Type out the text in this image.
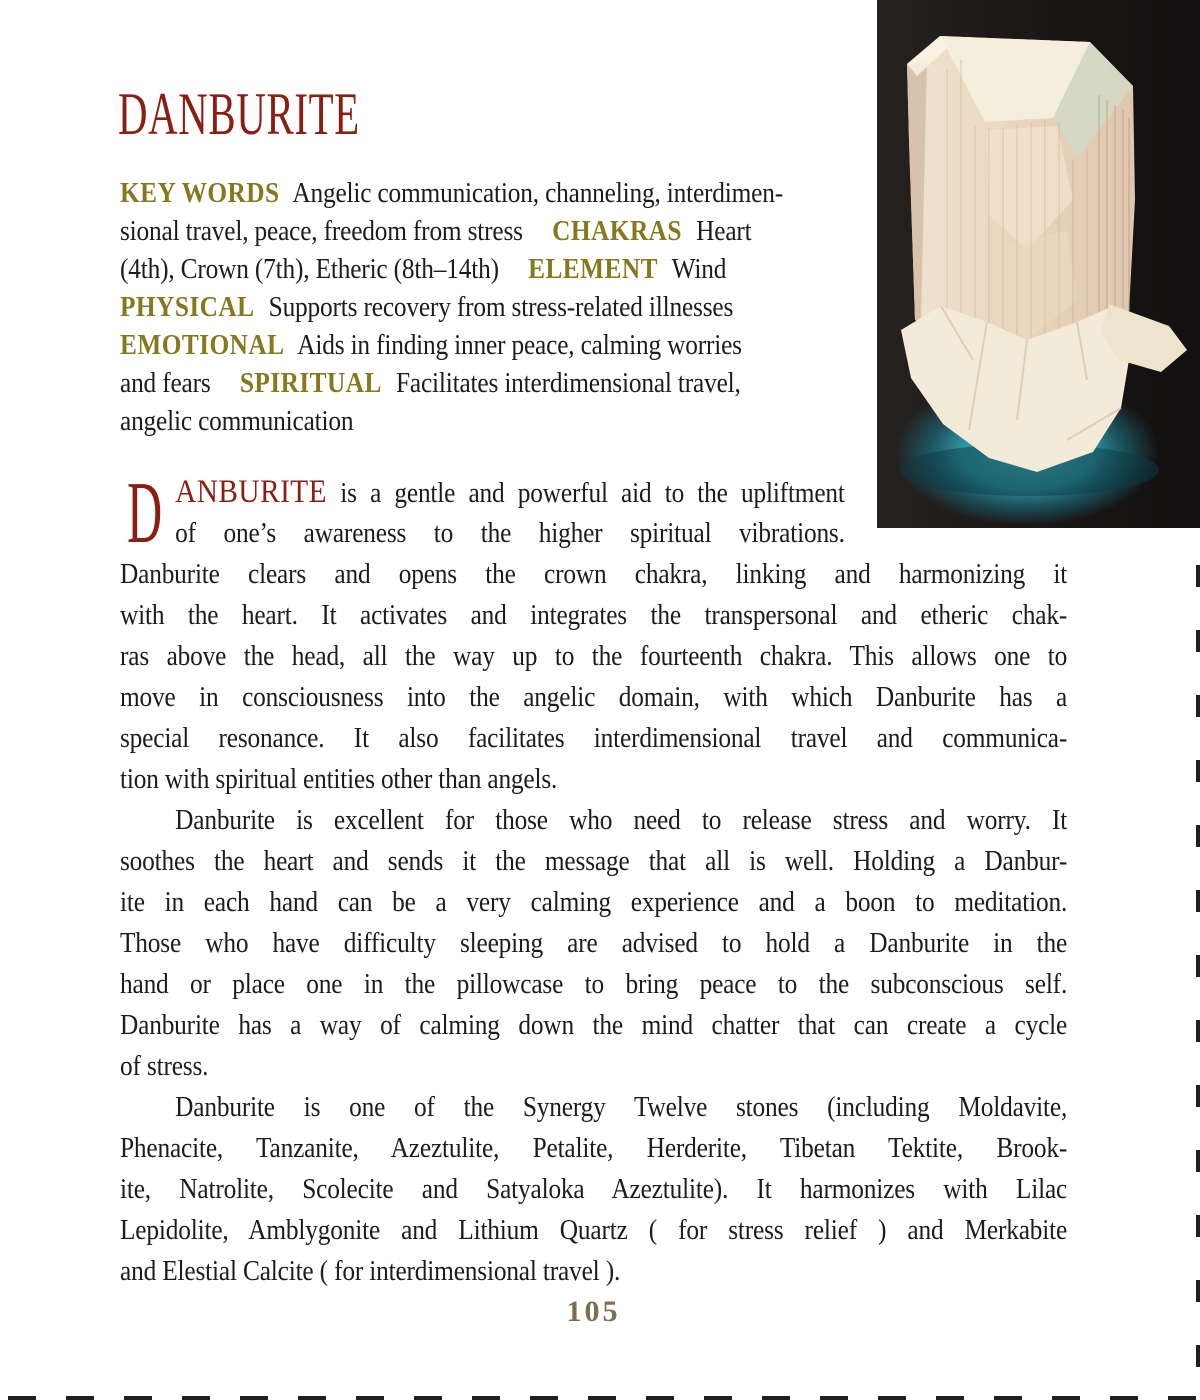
DANBURITE
KEY WORDS Angelic communication, channeling, interdimen-
sional travel, peace, freedom from stress CHAKRAS Heart
(4th), Crown (7th), Etheric (8th–14th) ELEMENT Wind
PHYSICAL Supports recovery from stress-related illnesses
EMOTIONAL Aids in finding inner peace, calming worries
and fears SPIRITUAL Facilitates interdimensional travel,
angelic communication
D ANBURITE is a gentle and powerful aid to the upliftment
of one’s awareness to the higher spiritual vibrations.
Danburite clears and opens the crown chakra, linking and harmonizing it
with the heart. It activates and integrates the transpersonal and etheric chak-
ras above the head, all the way up to the fourteenth chakra. This allows one to
move in consciousness into the angelic domain, with which Danburite has a
special resonance. It also facilitates interdimensional travel and communica-
tion with spiritual entities other than angels.
Danburite is excellent for those who need to release stress and worry. It
soothes the heart and sends it the message that all is well. Holding a Danbur-
ite in each hand can be a very calming experience and a boon to meditation.
Those who have difficulty sleeping are advised to hold a Danburite in the
hand or place one in the pillowcase to bring peace to the subconscious self.
Danburite has a way of calming down the mind chatter that can create a cycle
of stress.
Danburite is one of the Synergy Twelve stones (including Moldavite,
Phenacite, Tanzanite, Azeztulite, Petalite, Herderite, Tibetan Tektite, Brook-
ite, Natrolite, Scolecite and Satyaloka Azeztulite). It harmonizes with Lilac
Lepidolite, Amblygonite and Lithium Quartz ( for stress relief ) and Merkabite
and Elestial Calcite ( for interdimensional travel ).
105
